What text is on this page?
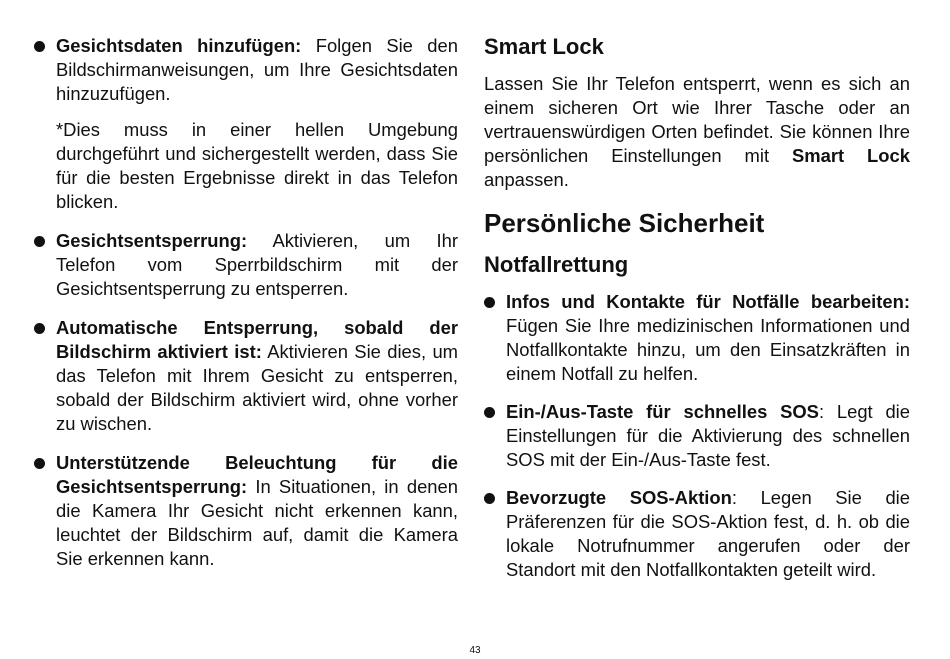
Gesichtsdaten hinzufügen: Folgen Sie den Bildschirmanweisungen, um Ihre Gesichtsdaten hinzuzufügen.

*Dies muss in einer hellen Umgebung durchgeführt und sichergestellt werden, dass Sie für die besten Ergebnisse direkt in das Telefon blicken.

Gesichtsentsperrung: Aktivieren, um Ihr Telefon vom Sperrbildschirm mit der Gesichtsentsperrung zu entsperren.

Automatische Entsperrung, sobald der Bildschirm aktiviert ist: Aktivieren Sie dies, um das Telefon mit Ihrem Gesicht zu entsperren, sobald der Bildschirm aktiviert wird, ohne vorher zu wischen.

Unterstützende Beleuchtung für die Gesichtsentsperrung: In Situationen, in denen die Kamera Ihr Gesicht nicht erkennen kann, leuchtet der Bildschirm auf, damit die Kamera Sie erkennen kann.

Smart Lock

Lassen Sie Ihr Telefon entsperrt, wenn es sich an einem sicheren Ort wie Ihrer Tasche oder an vertrauenswürdigen Orten befindet. Sie können Ihre persönlichen Einstellungen mit Smart Lock anpassen.

Persönliche Sicherheit
Notfallrettung

Infos und Kontakte für Notfälle bearbeiten: Fügen Sie Ihre medizinischen Informationen und Notfallkontakte hinzu, um den Einsatzkräften in einem Notfall zu helfen.

Ein-/Aus-Taste für schnelles SOS: Legt die Einstellungen für die Aktivierung des schnellen SOS mit der Ein-/Aus-Taste fest.

Bevorzugte SOS-Aktion: Legen Sie die Präferenzen für die SOS-Aktion fest, d. h. ob die lokale Notrufnummer angerufen oder der Standort mit den Notfallkontakten geteilt wird.

43
